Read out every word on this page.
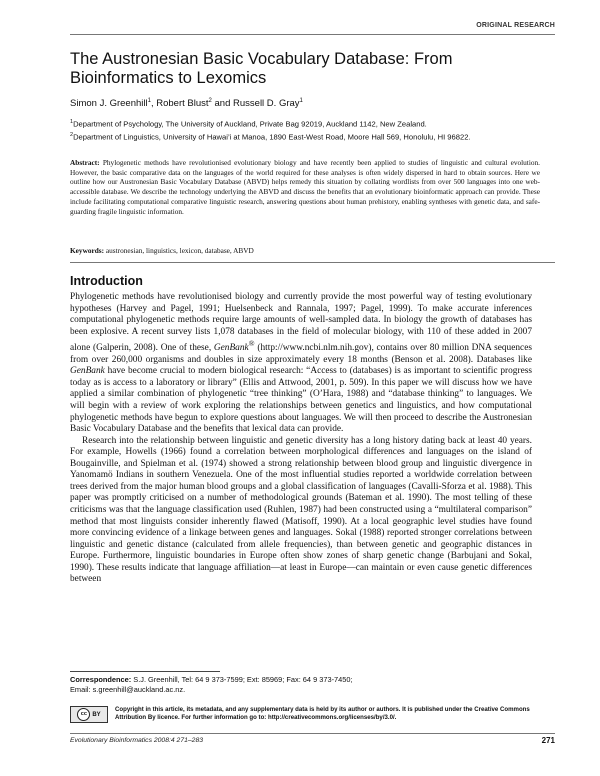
ORIGINAL RESEARCH
The Austronesian Basic Vocabulary Database: From Bioinformatics to Lexomics
Simon J. Greenhill$^1$, Robert Blust$^2$ and Russell D. Gray$^1$
$^1$Department of Psychology, The University of Auckland, Private Bag 92019, Auckland 1142, New Zealand.
$^2$Department of Linguistics, University of Hawai’i at Manoa, 1890 East-West Road, Moore Hall 569, Honolulu, HI 96822.
Abstract: Phylogenetic methods have revolutionised evolutionary biology and have recently been applied to studies of linguistic and cultural evolution. However, the basic comparative data on the languages of the world required for these analyses is often widely dispersed in hard to obtain sources. Here we outline how our Austronesian Basic Vocabulary Database (ABVD) helps remedy this situation by collating wordlists from over 500 languages into one web-accessible database. We describe the technology underlying the ABVD and discuss the benefits that an evolutionary bioinformatic approach can provide. These include facilitating computational comparative linguistic research, answering questions about human prehistory, enabling syntheses with genetic data, and safe-guarding fragile linguistic information.
Keywords: austronesian, linguistics, lexicon, database, ABVD
Introduction

Phylogenetic methods have revolutionised biology and currently provide the most powerful way of testing evolutionary hypotheses (Harvey and Pagel, 1991; Huelsenbeck and Rannala, 1997; Pagel, 1999). To make accurate inferences computational phylogenetic methods require large amounts of well-sampled data. In biology the growth of databases has been explosive. A recent survey lists 1,078 databases in the field of molecular biology, with 110 of these added in 2007 alone (Galperin, 2008). One of these, GenBank® (http://www.ncbi.nlm.nih.gov), contains over 80 million DNA sequences from over 260,000 organisms and doubles in size approximately every 18 months (Benson et al. 2008). Databases like GenBank have become crucial to modern biological research: “Access to (databases) is as important to scientific progress today as is access to a laboratory or library” (Ellis and Attwood, 2001, p. 509). In this paper we will discuss how we have applied a similar combination of phylogenetic “tree thinking” (O’Hara, 1988) and “database thinking” to languages. We will begin with a review of work exploring the relationships between genetics and linguistics, and how computational phylogenetic methods have begun to explore questions about languages. We will then proceed to describe the Austronesian Basic Vocabulary Database and the benefits that lexical data can provide.

Research into the relationship between linguistic and genetic diversity has a long history dating back at least 40 years. For example, Howells (1966) found a correlation between morphological differences and languages on the island of Bougainville, and Spielman et al. (1974) showed a strong relationship between blood group and linguistic divergence in Yanomamö Indians in southern Venezuela. One of the most influential studies reported a worldwide correlation between trees derived from the major human blood groups and a global classification of languages (Cavalli-Sforza et al. 1988). This paper was promptly criticised on a number of methodological grounds (Bateman et al. 1990). The most telling of these criticisms was that the language classification used (Ruhlen, 1987) had been constructed using a “multilateral comparison” method that most linguists consider inherently flawed (Matisoff, 1990). At a local geographic level studies have found more convincing evidence of a linkage between genes and languages. Sokal (1988) reported stronger correlations between linguistic and genetic distance (calculated from allele frequencies), than between genetic and geographic distances in Europe. Furthermore, linguistic boundaries in Europe often show zones of sharp genetic change (Barbujani and Sokal, 1990). These results indicate that language affiliation—at least in Europe—can maintain or even cause genetic differences between

Correspondence: S.J. Greenhill, Tel: 64 9 373-7599; Ext: 85969; Fax: 64 9 373-7450;
Email: s.greenhill@auckland.ac.nz.
cc BY
Copyright in this article, its metadata, and any supplementary data is held by its author or authors. It is published under the Creative Commons Attribution By licence. For further information go to: http://creativecommons.org/licenses/by/3.0/.
Evolutionary Bioinformatics 2008:4 271–283	271
